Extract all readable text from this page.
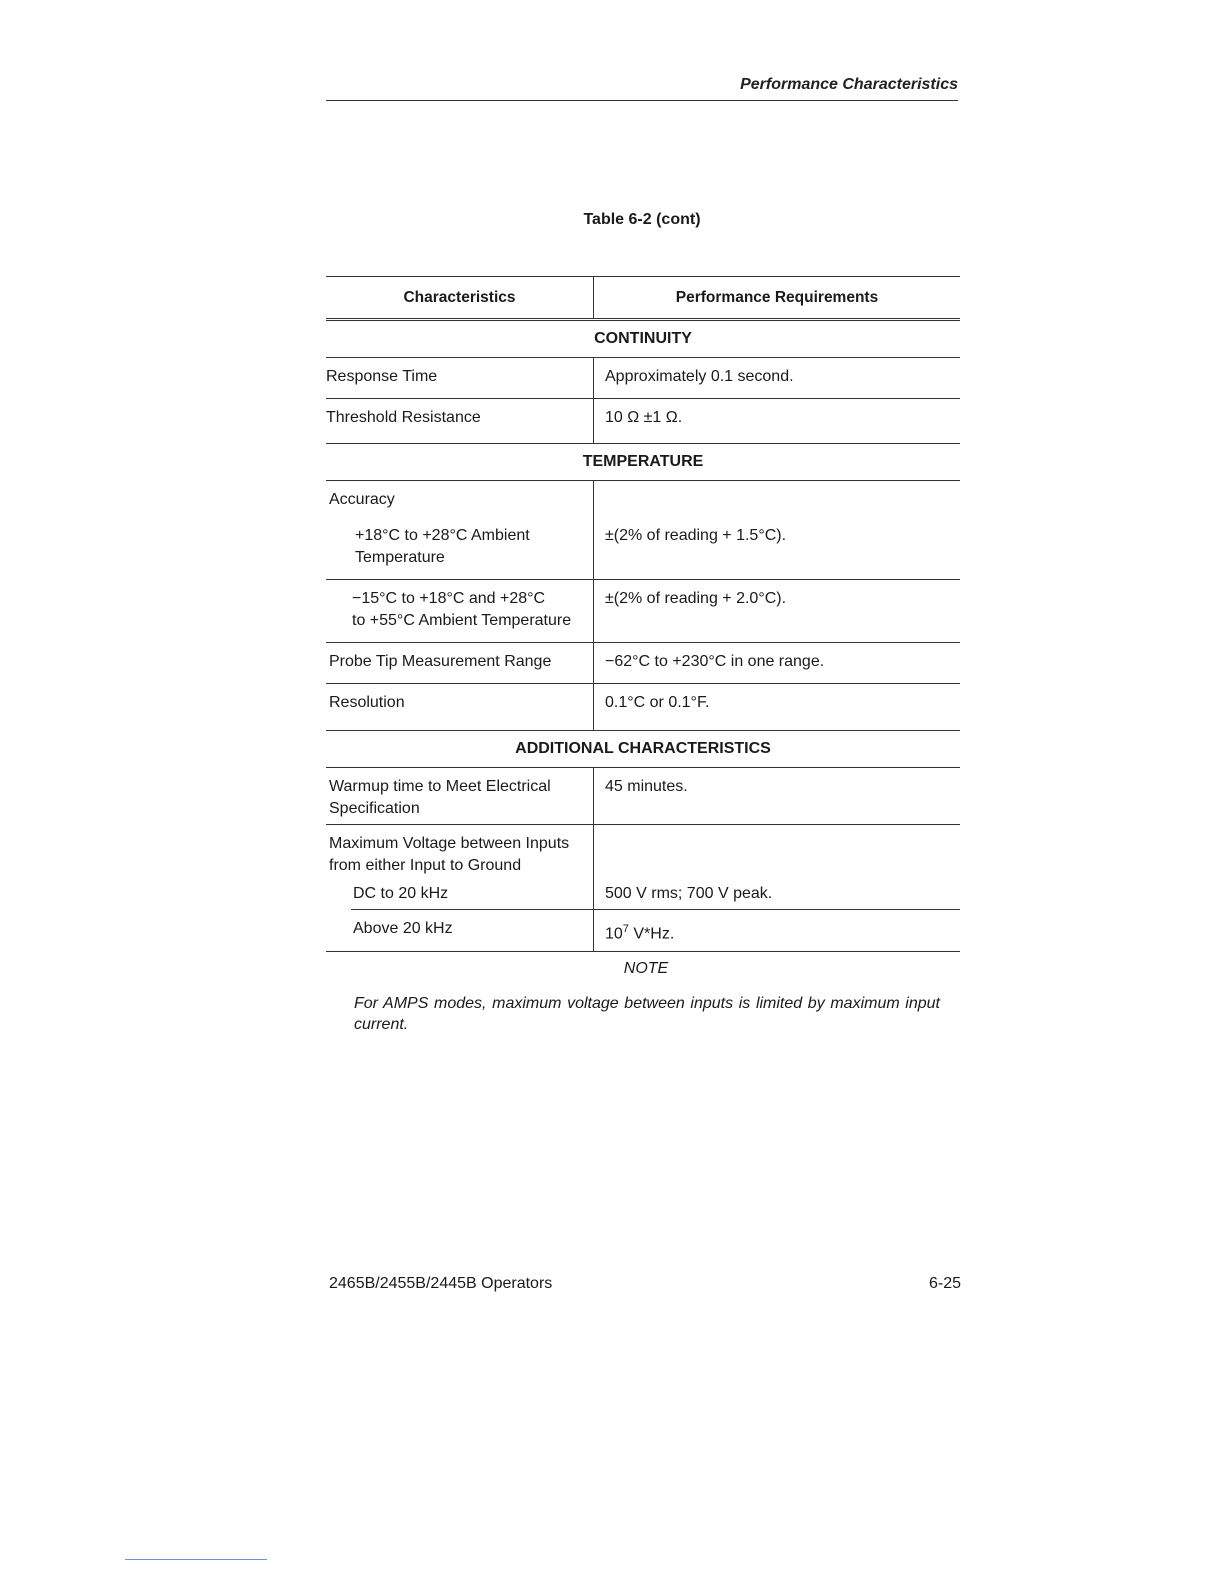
Performance Characteristics
Table 6-2 (cont)
Characteristics	Performance Requirements
CONTINUITY	
Response Time	Approximately 0.1 second.
Threshold Resistance	10 Ω ±1 Ω.
TEMPERATURE	

Accuracy
+18°C to +28°C Ambient
Temperature	±(2% of reading + 1.5°C).

−15°C to +18°C and +28°C
to +55°C Ambient Temperature	±(2% of reading + 2.0°C).
Probe Tip Measurement Range	−62°C to +230°C in one range.
Resolution	0.1°C or 0.1°F.
ADDITIONAL CHARACTERISTICS	

Warmup time to Meet Electrical
Specification	45 minutes.

Maximum Voltage between Inputs
from either Input to Ground	

DC to 20 kHz	500 V rms; 700 V peak.

Above 20 kHz	$10^7$ V*Hz.
NOTE
For AMPS modes, maximum voltage between inputs is limited by maximum input current.
2465B/2455B/2445B Operators	6-25
